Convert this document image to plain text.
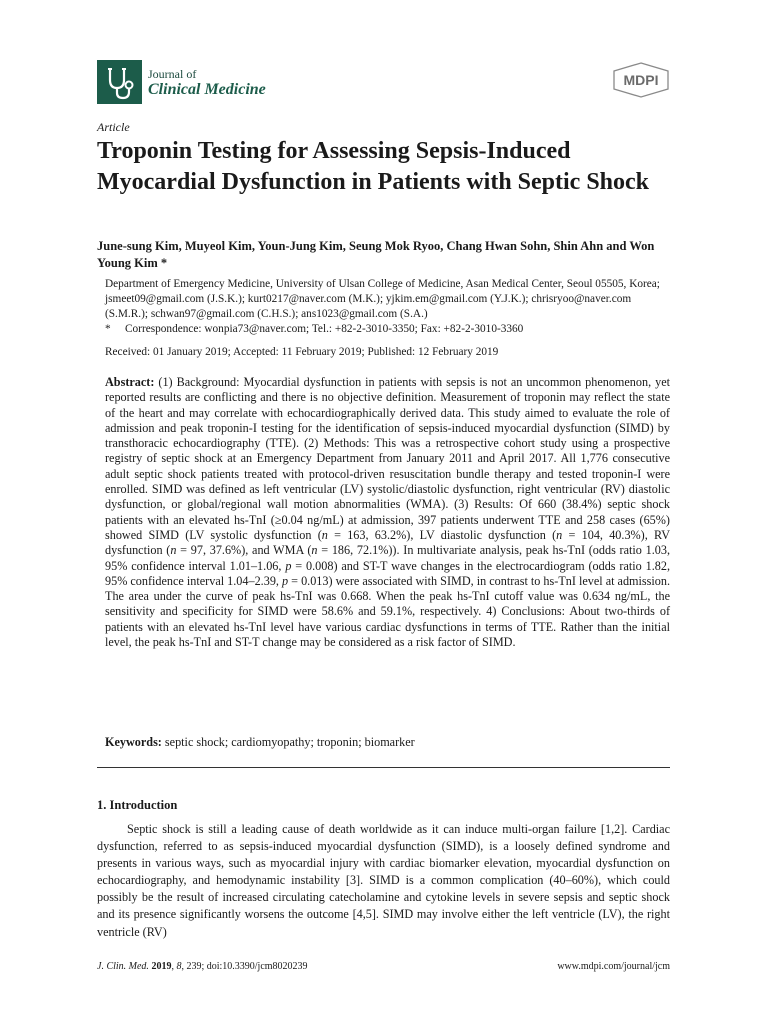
Journal of
Clinical Medicine
MDPI
Article
Troponin Testing for Assessing Sepsis-Induced Myocardial Dysfunction in Patients with Septic Shock
June-sung Kim, Muyeol Kim, Youn-Jung Kim, Seung Mok Ryoo, Chang Hwan Sohn, Shin Ahn and Won Young Kim *
Department of Emergency Medicine, University of Ulsan College of Medicine, Asan Medical Center, Seoul 05505, Korea; jsmeet09@gmail.com (J.S.K.); kurt0217@naver.com (M.K.); yjkim.em@gmail.com (Y.J.K.); chrisryoo@naver.com (S.M.R.); schwan97@gmail.com (C.H.S.); ans1023@gmail.com (S.A.)
* Correspondence: wonpia73@naver.com; Tel.: +82-2-3010-3350; Fax: +82-2-3010-3360
Received: 01 January 2019; Accepted: 11 February 2019; Published: 12 February 2019

Abstract: (1) Background: Myocardial dysfunction in patients with sepsis is not an uncommon phenomenon, yet reported results are conflicting and there is no objective definition. Measurement of troponin may reflect the state of the heart and may correlate with echocardiographically derived data. This study aimed to evaluate the role of admission and peak troponin-I testing for the identification of sepsis-induced myocardial dysfunction (SIMD) by transthoracic echocardiography (TTE). (2) Methods: This was a retrospective cohort study using a prospective registry of septic shock at an Emergency Department from January 2011 and April 2017. All 1,776 consecutive adult septic shock patients treated with protocol-driven resuscitation bundle therapy and tested troponin-I were enrolled. SIMD was defined as left ventricular (LV) systolic/diastolic dysfunction, right ventricular (RV) diastolic dysfunction, or global/regional wall motion abnormalities (WMA). (3) Results: Of 660 (38.4%) septic shock patients with an elevated hs-TnI (≥0.04 ng/mL) at admission, 397 patients underwent TTE and 258 cases (65%) showed SIMD (LV systolic dysfunction (n = 163, 63.2%), LV diastolic dysfunction (n = 104, 40.3%), RV dysfunction (n = 97, 37.6%), and WMA (n = 186, 72.1%)). In multivariate analysis, peak hs-TnI (odds ratio 1.03, 95% confidence interval 1.01–1.06, p = 0.008) and ST-T wave changes in the electrocardiogram (odds ratio 1.82, 95% confidence interval 1.04–2.39, p = 0.013) were associated with SIMD, in contrast to hs-TnI level at admission. The area under the curve of peak hs-TnI was 0.668. When the peak hs-TnI cutoff value was 0.634 ng/mL, the sensitivity and specificity for SIMD were 58.6% and 59.1%, respectively. 4) Conclusions: About two-thirds of patients with an elevated hs-TnI level have various cardiac dysfunctions in terms of TTE. Rather than the initial level, the peak hs-TnI and ST-T change may be considered as a risk factor of SIMD.

Keywords: septic shock; cardiomyopathy; troponin; biomarker
1. Introduction

Septic shock is still a leading cause of death worldwide as it can induce multi-organ failure [1,2]. Cardiac dysfunction, referred to as sepsis-induced myocardial dysfunction (SIMD), is a loosely defined syndrome and presents in various ways, such as myocardial injury with cardiac biomarker elevation, myocardial dysfunction on echocardiography, and hemodynamic instability [3]. SIMD is a common complication (40–60%), which could possibly be the result of increased circulating catecholamine and cytokine levels in severe sepsis and septic shock and its presence significantly worsens the outcome [4,5]. SIMD may involve either the left ventricle (LV), the right ventricle (RV)

J. Clin. Med. 2019, 8, 239; doi:10.3390/jcm8020239	www.mdpi.com/journal/jcm
